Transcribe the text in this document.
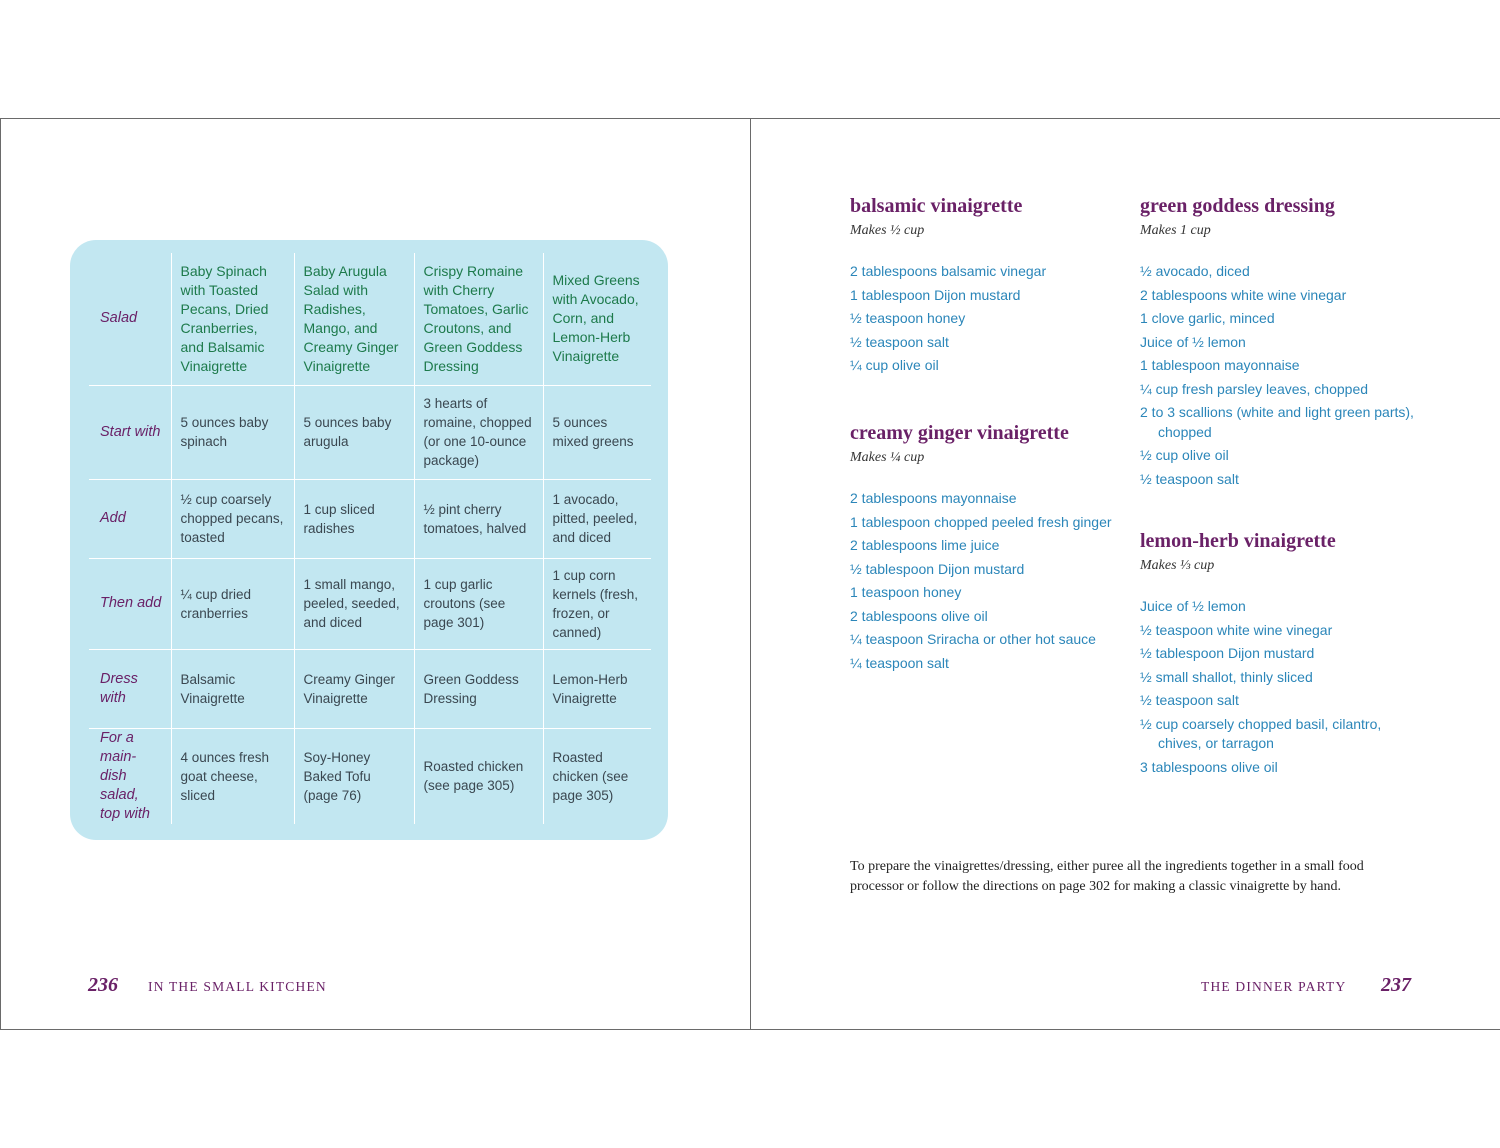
Salad	Baby Spinach with Toasted Pecans, Dried Cranberries, and Balsamic Vinaigrette	Baby Arugula Salad with Radishes, Mango, and Creamy Ginger Vinaigrette	Crispy Romaine with Cherry Tomatoes, Garlic Croutons, and Green Goddess Dressing	Mixed Greens with Avocado, Corn, and Lemon-Herb Vinaigrette
Start with	5 ounces baby spinach	5 ounces baby arugula	3 hearts of romaine, chopped (or one 10-ounce package)	5 ounces mixed greens
Add	½ cup coarsely chopped pecans, toasted	1 cup sliced radishes	½ pint cherry tomatoes, halved	1 avocado, pitted, peeled, and diced
Then add	¼ cup dried cranberries	1 small mango, peeled, seeded, and diced	1 cup garlic croutons (see page 301)	1 cup corn kernels (fresh, frozen, or canned)
Dress with	Balsamic Vinaigrette	Creamy Ginger Vinaigrette	Green Goddess Dressing	Lemon-Herb Vinaigrette
For a main-dish salad, top with	4 ounces fresh goat cheese, sliced	Soy-Honey Baked Tofu (page 76)	Roasted chicken (see page 305)	Roasted chicken (see page 305)
236 IN THE SMALL KITCHEN
balsamic vinaigrette
Makes ½ cup
2 tablespoons balsamic vinegar
1 tablespoon Dijon mustard
½ teaspoon honey
½ teaspoon salt
¼ cup olive oil
creamy ginger vinaigrette
Makes ¼ cup
2 tablespoons mayonnaise
1 tablespoon chopped peeled fresh ginger
2 tablespoons lime juice
½ tablespoon Dijon mustard
1 teaspoon honey
2 tablespoons olive oil
¼ teaspoon Sriracha or other hot sauce
¼ teaspoon salt
green goddess dressing
Makes 1 cup
½ avocado, diced
2 tablespoons white wine vinegar
1 clove garlic, minced
Juice of ½ lemon
1 tablespoon mayonnaise
¼ cup fresh parsley leaves, chopped
2 to 3 scallions (white and light green parts), chopped
½ cup olive oil
½ teaspoon salt
lemon-herb vinaigrette
Makes ⅓ cup
Juice of ½ lemon
½ teaspoon white wine vinegar
½ tablespoon Dijon mustard
½ small shallot, thinly sliced
½ teaspoon salt
½ cup coarsely chopped basil, cilantro, chives, or tarragon
3 tablespoons olive oil

To prepare the vinaigrettes/dressing, either puree all the ingredients together in a small food processor or follow the directions on page 302 for making a classic vinaigrette by hand.

THE DINNER PARTY 237
